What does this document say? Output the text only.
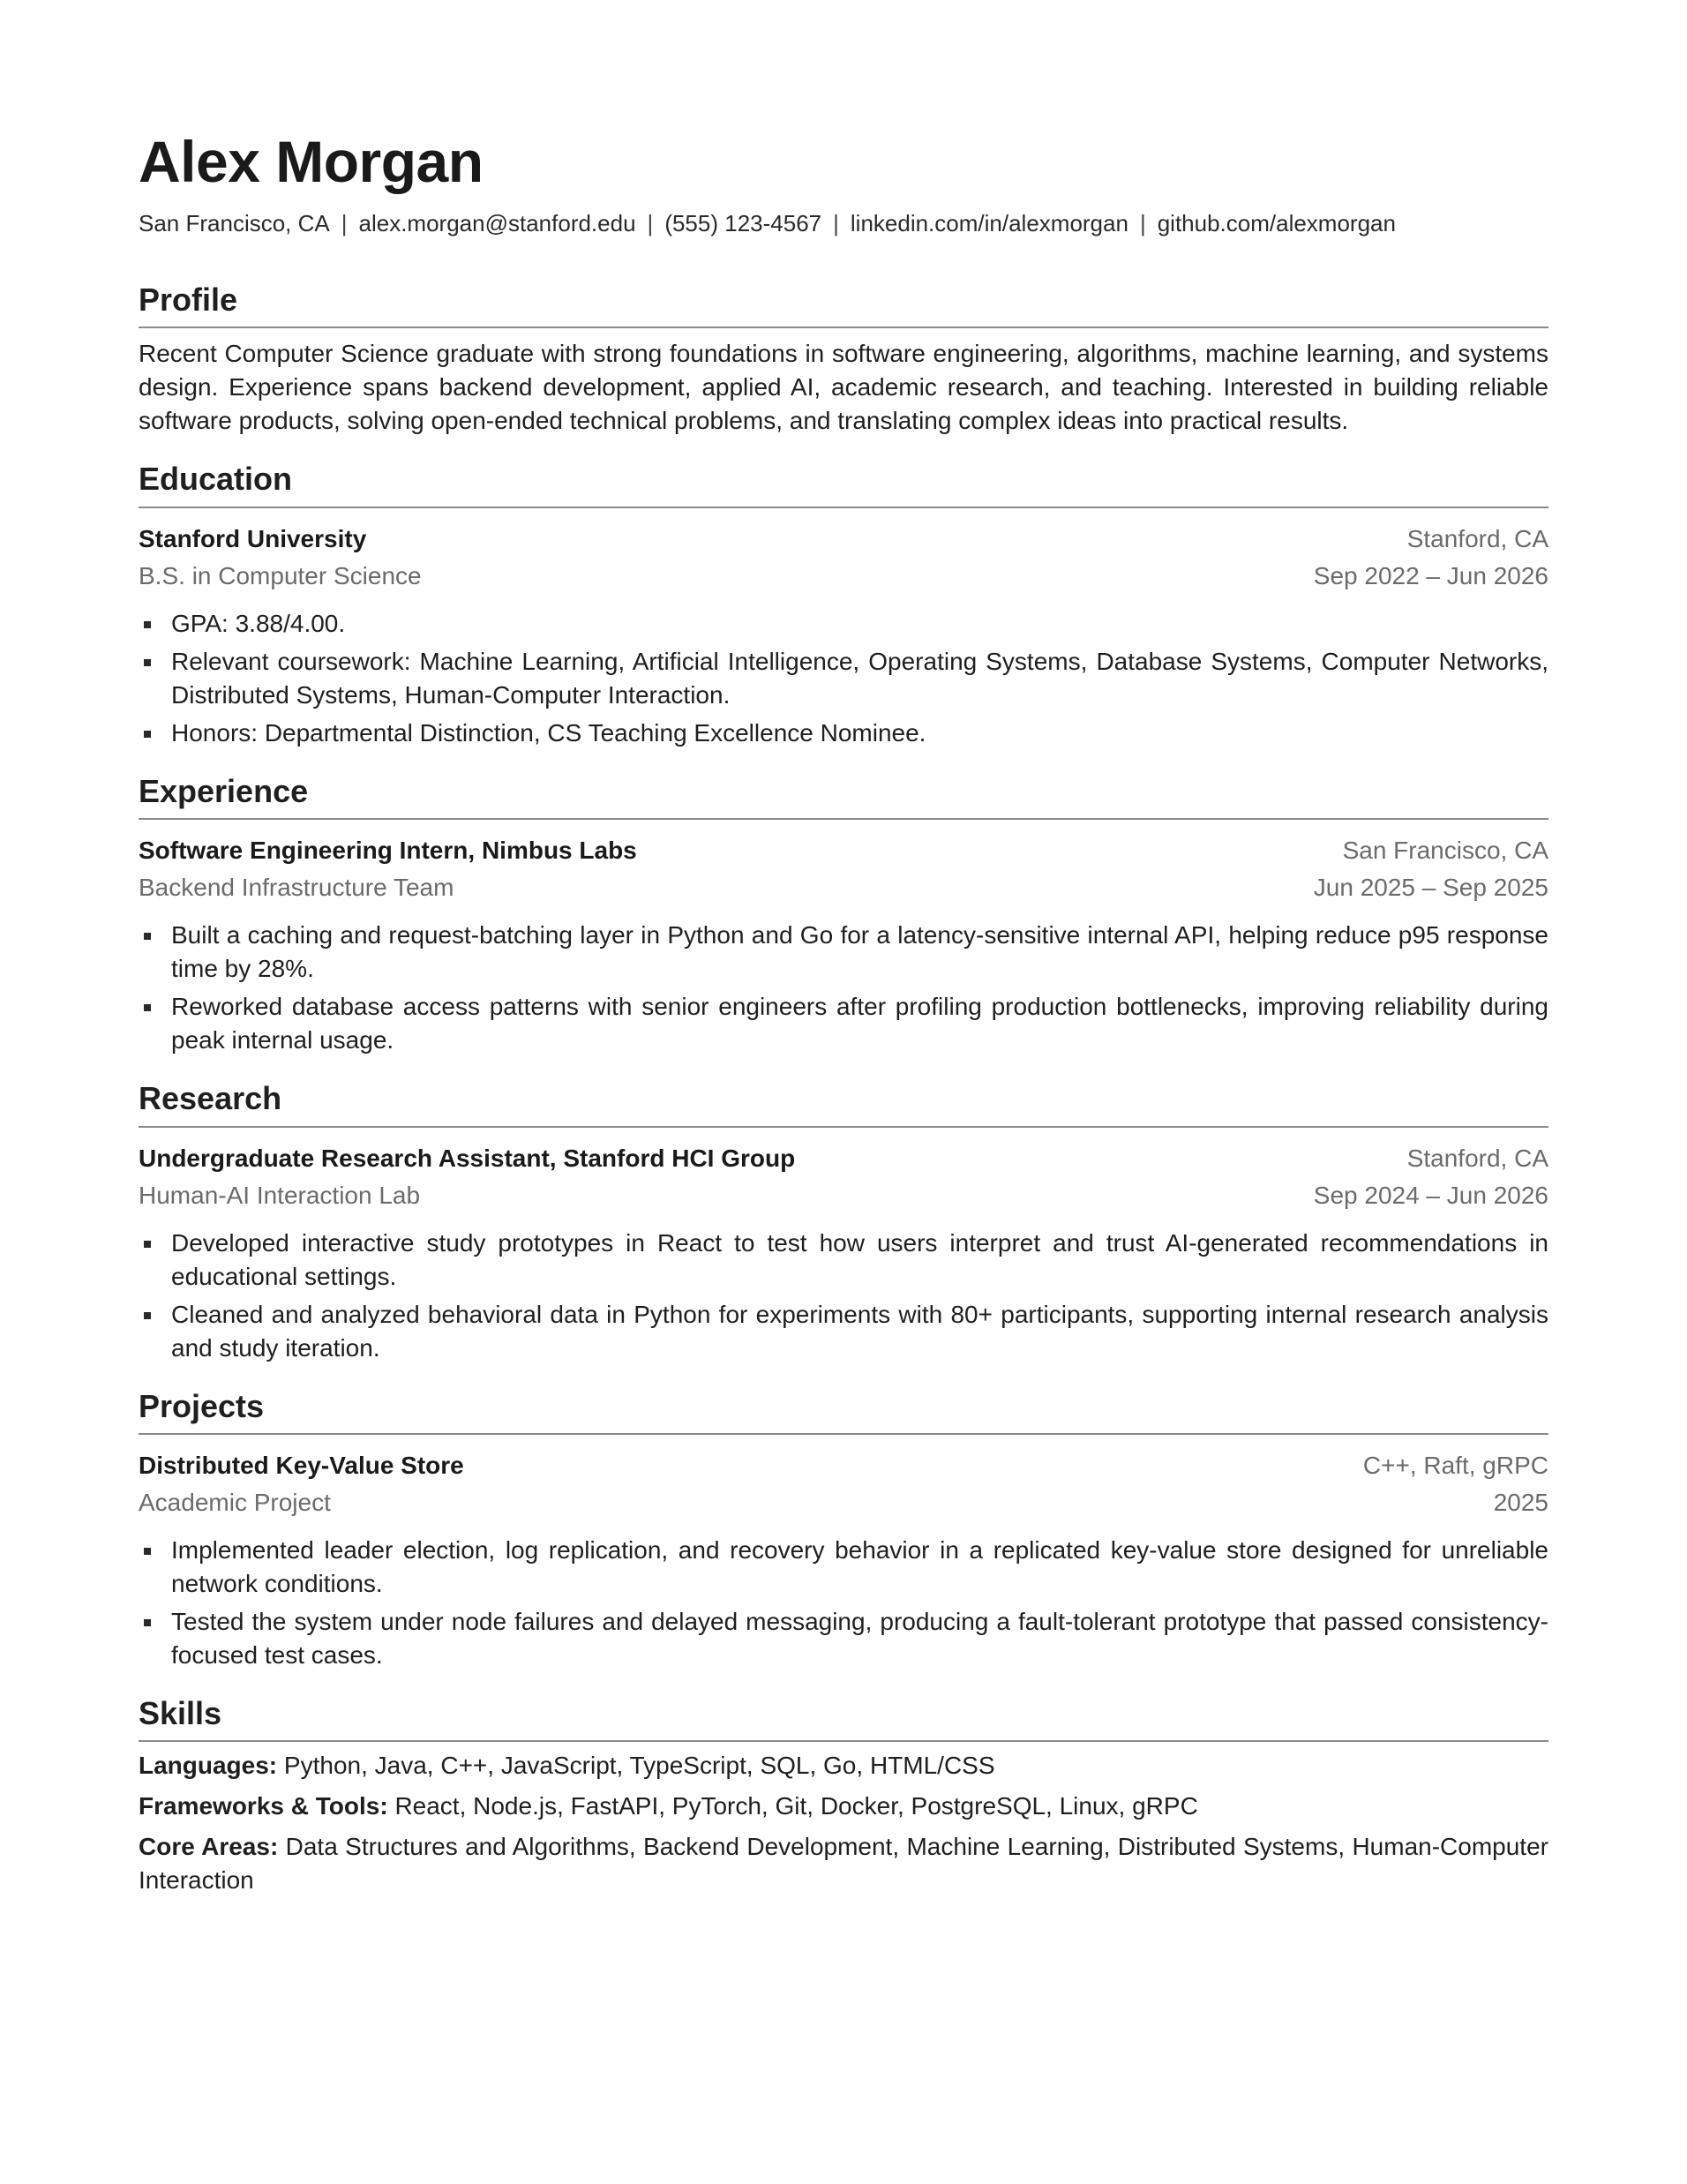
Alex Morgan
San Francisco, CA | alex.morgan@stanford.edu | (555) 123-4567 | linkedin.com/in/alexmorgan | github.com/alexmorgan
Profile
Recent Computer Science graduate with strong foundations in software engineering, algorithms, machine learning, and systems design. Experience spans backend development, applied AI, academic research, and teaching. Interested in building reliable software products, solving open-ended technical problems, and translating complex ideas into practical results.
Education
Stanford University	Stanford, CA
B.S. in Computer Science	Sep 2022 – Jun 2026
GPA: 3.88/4.00.
Relevant coursework: Machine Learning, Artificial Intelligence, Operating Systems, Database Systems, Computer Networks, Distributed Systems, Human-Computer Interaction.
Honors: Departmental Distinction, CS Teaching Excellence Nominee.
Experience
Software Engineering Intern, Nimbus Labs	San Francisco, CA
Backend Infrastructure Team	Jun 2025 – Sep 2025
Built a caching and request-batching layer in Python and Go for a latency-sensitive internal API, helping reduce p95 response time by 28%.
Reworked database access patterns with senior engineers after profiling production bottlenecks, improving reliability during peak internal usage.
Research
Undergraduate Research Assistant, Stanford HCI Group	Stanford, CA
Human-AI Interaction Lab	Sep 2024 – Jun 2026
Developed interactive study prototypes in React to test how users interpret and trust AI-generated recommendations in educational settings.
Cleaned and analyzed behavioral data in Python for experiments with 80+ participants, supporting internal research analysis and study iteration.
Projects
Distributed Key-Value Store	C++, Raft, gRPC
Academic Project	2025
Implemented leader election, log replication, and recovery behavior in a replicated key-value store designed for unreliable network conditions.
Tested the system under node failures and delayed messaging, producing a fault-tolerant prototype that passed consistency-focused test cases.
Skills
Languages: Python, Java, C++, JavaScript, TypeScript, SQL, Go, HTML/CSS
Frameworks & Tools: React, Node.js, FastAPI, PyTorch, Git, Docker, PostgreSQL, Linux, gRPC
Core Areas: Data Structures and Algorithms, Backend Development, Machine Learning, Distributed Systems, Human-Computer Interaction
